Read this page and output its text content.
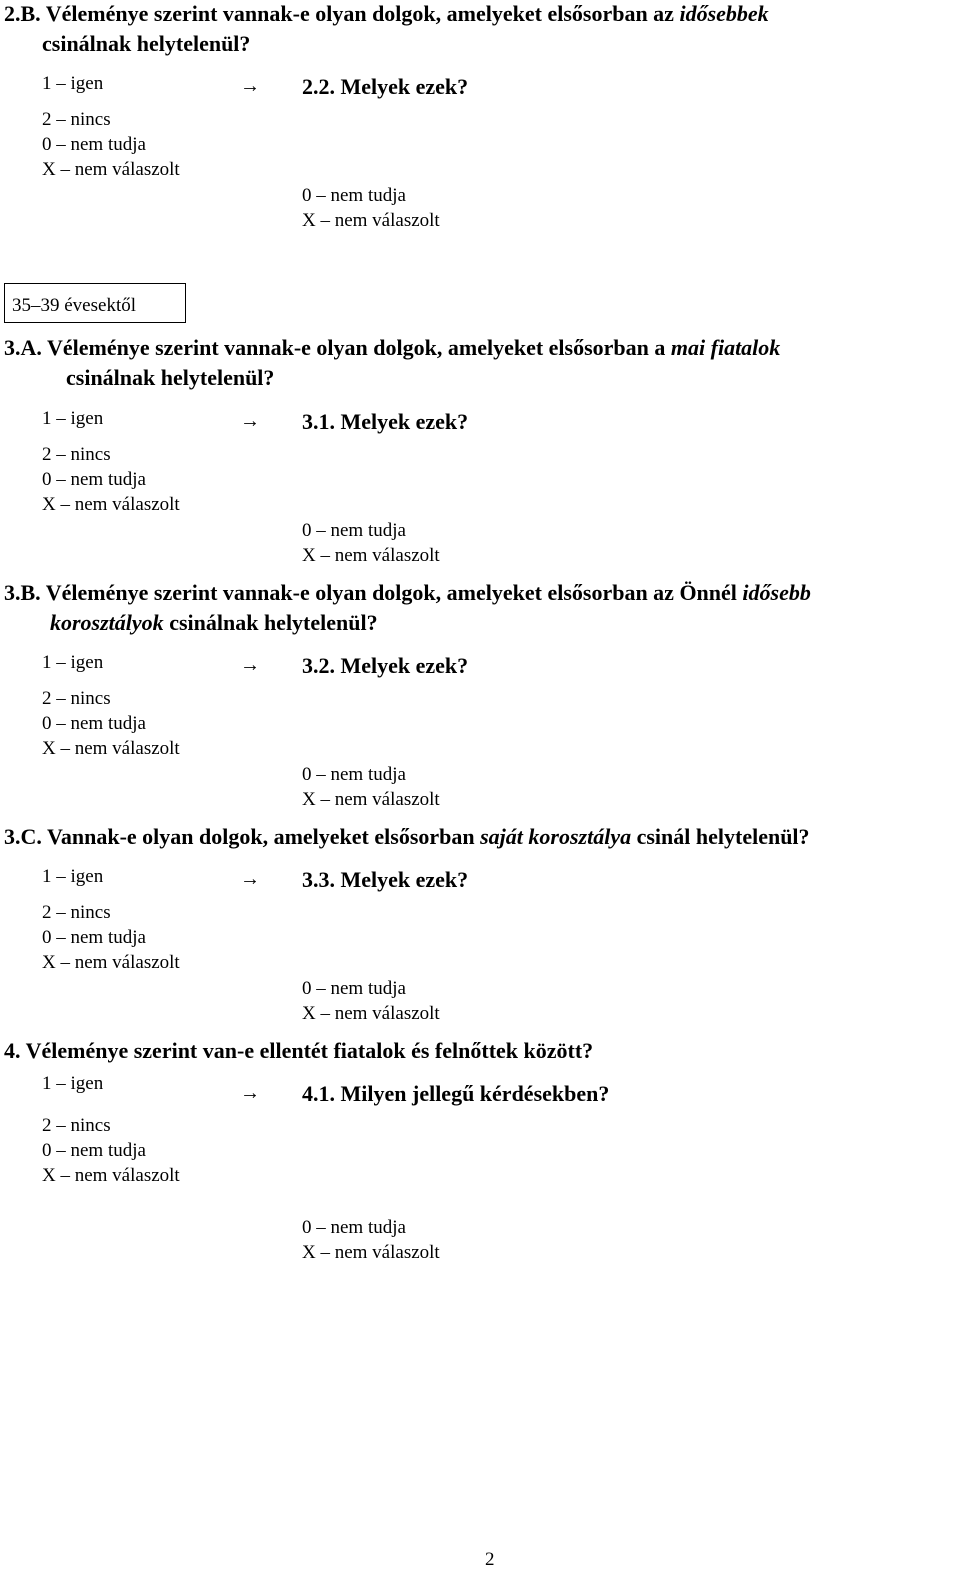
2.B. Véleménye szerint vannak-e olyan dolgok, amelyeket elsősorban az idősebbek
csinálnak helytelenül?
1 – igen	→ 2.2. Melyek ezek?
2 – nincs
0 – nem tudja
X – nem válaszolt
0 – nem tudja
X – nem válaszolt
35–39 évesektől
3.A. Véleménye szerint vannak-e olyan dolgok, amelyeket elsősorban a mai fiatalok
csinálnak helytelenül?
1 – igen	→ 3.1. Melyek ezek?
2 – nincs
0 – nem tudja
X – nem válaszolt
0 – nem tudja
X – nem válaszolt
3.B. Véleménye szerint vannak-e olyan dolgok, amelyeket elsősorban az Önnél idősebb
korosztályok csinálnak helytelenül?
1 – igen	→ 3.2. Melyek ezek?
2 – nincs
0 – nem tudja
X – nem válaszolt
0 – nem tudja
X – nem válaszolt
3.C. Vannak-e olyan dolgok, amelyeket elsősorban saját korosztálya csinál helytelenül?
1 – igen	→ 3.3. Melyek ezek?
2 – nincs
0 – nem tudja
X – nem válaszolt
0 – nem tudja
X – nem válaszolt
4. Véleménye szerint van-e ellentét fiatalok és felnőttek között?
1 – igen	→ 4.1. Milyen jellegű kérdésekben?
2 – nincs
0 – nem tudja
X – nem válaszolt
0 – nem tudja
X – nem válaszolt
2
